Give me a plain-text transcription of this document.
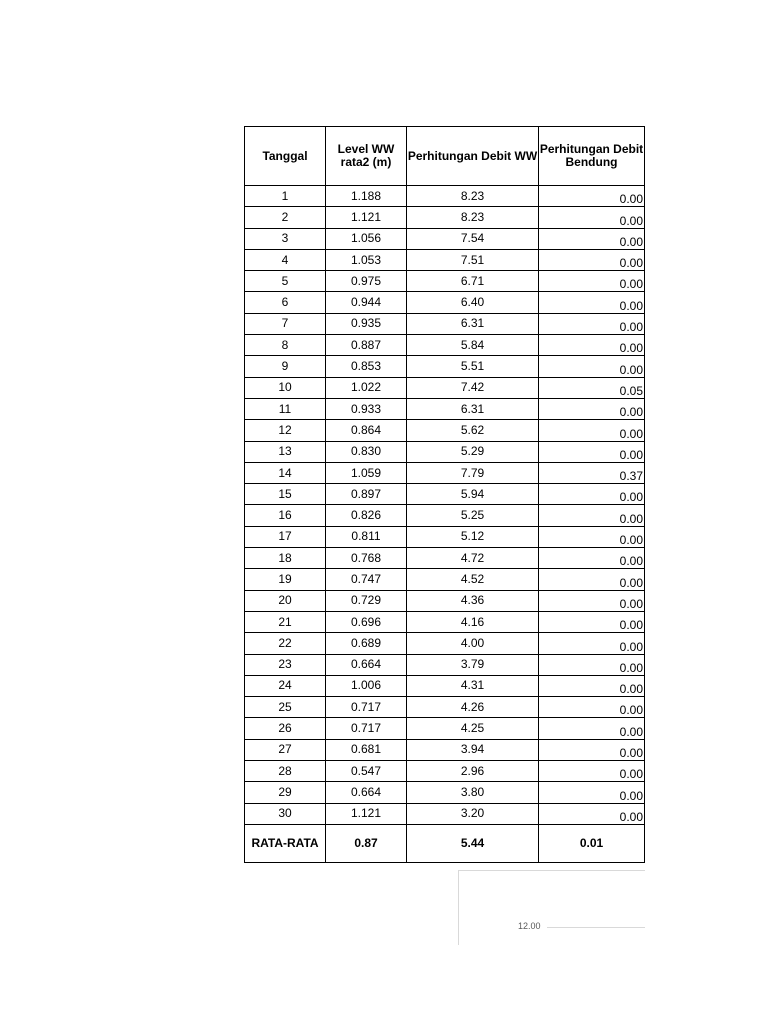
Tanggal	Level WW rata2 (m)	Perhitungan Debit WW	Perhitungan Debit Bendung
1	1.188	8.23	0.00
2	1.121	8.23	0.00
3	1.056	7.54	0.00
4	1.053	7.51	0.00
5	0.975	6.71	0.00
6	0.944	6.40	0.00
7	0.935	6.31	0.00
8	0.887	5.84	0.00
9	0.853	5.51	0.00
10	1.022	7.42	0.05
11	0.933	6.31	0.00
12	0.864	5.62	0.00
13	0.830	5.29	0.00
14	1.059	7.79	0.37
15	0.897	5.94	0.00
16	0.826	5.25	0.00
17	0.811	5.12	0.00
18	0.768	4.72	0.00
19	0.747	4.52	0.00
20	0.729	4.36	0.00
21	0.696	4.16	0.00
22	0.689	4.00	0.00
23	0.664	3.79	0.00
24	1.006	4.31	0.00
25	0.717	4.26	0.00
26	0.717	4.25	0.00
27	0.681	3.94	0.00
28	0.547	2.96	0.00
29	0.664	3.80	0.00
30	1.121	3.20	0.00
RATA-RATA	0.87	5.44	0.01
12.00
